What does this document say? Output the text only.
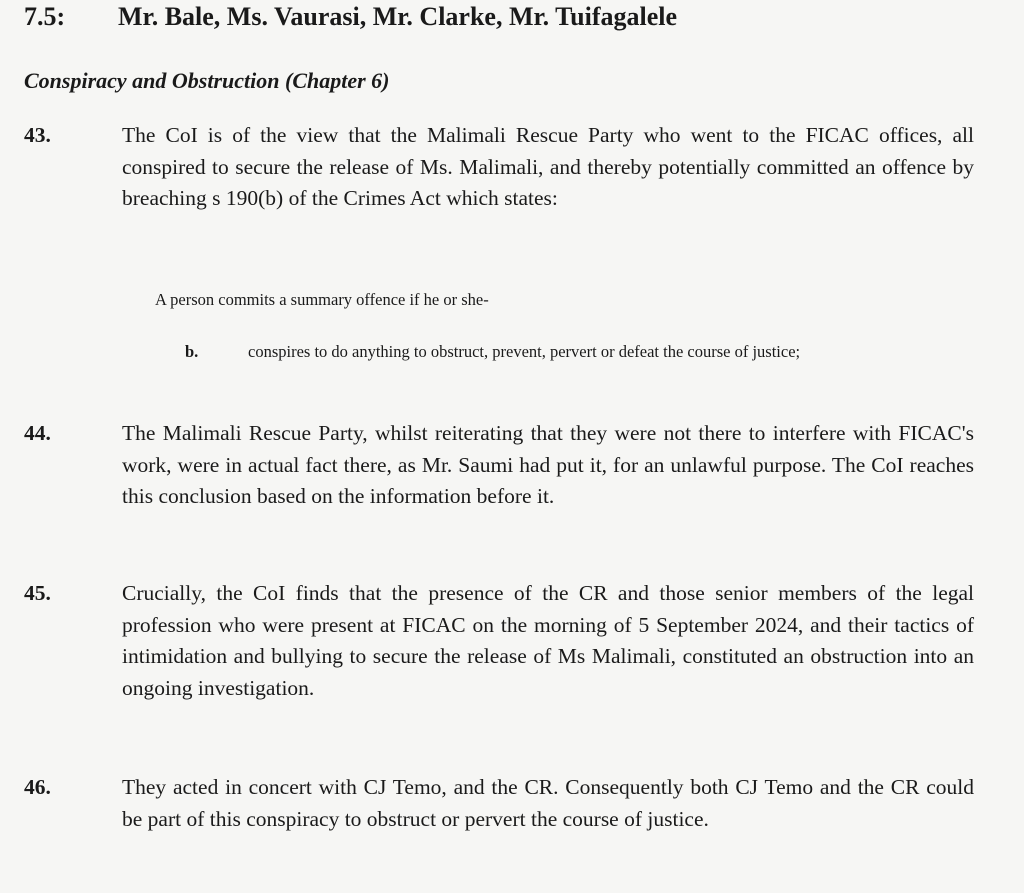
7.5: Mr. Bale, Ms. Vaurasi, Mr. Clarke, Mr. Tuifagalele
Conspiracy and Obstruction (Chapter 6)
43.	The CoI is of the view that the Malimali Rescue Party who went to the FICAC offices, all conspired to secure the release of Ms. Malimali, and thereby potentially committed an offence by breaching s 190(b) of the Crimes Act which states:
A person commits a summary offence if he or she-
b.	conspires to do anything to obstruct, prevent, pervert or defeat the course of justice;
44.	The Malimali Rescue Party, whilst reiterating that they were not there to interfere with FICAC's work, were in actual fact there, as Mr. Saumi had put it, for an unlawful purpose. The CoI reaches this conclusion based on the information before it.
45.	Crucially, the CoI finds that the presence of the CR and those senior members of the legal profession who were present at FICAC on the morning of 5 September 2024, and their tactics of intimidation and bullying to secure the release of Ms Malimali, constituted an obstruction into an ongoing investigation.
46.	They acted in concert with CJ Temo, and the CR. Consequently both CJ Temo and the CR could be part of this conspiracy to obstruct or pervert the course of justice.
